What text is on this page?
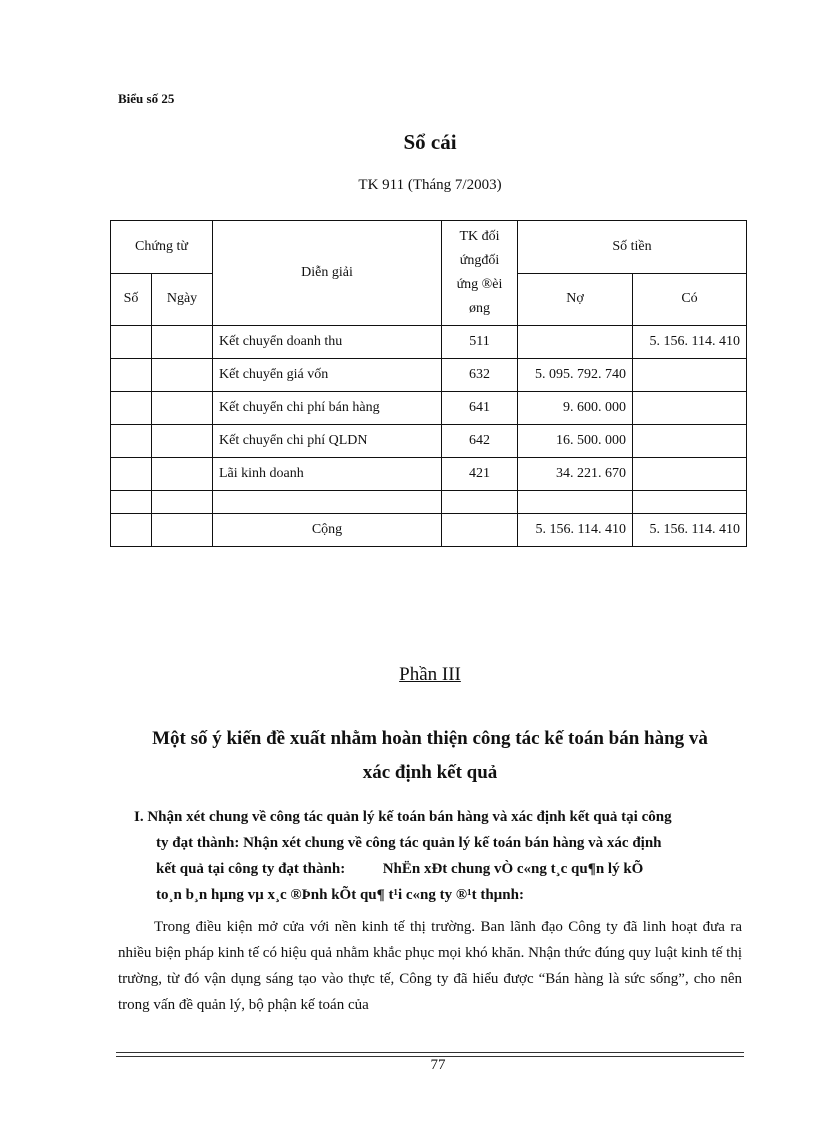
Biểu số 25
Sổ cái
TK 911 (Tháng 7/2003)
Chứng từ		Diễn giải	TK đối ứngđối ứng ®èi øng	Số tiền	
Số	Ngày			Nợ	Có
		Kết chuyển doanh thu	511		5. 156. 114. 410
		Kết chuyển giá vốn	632	5. 095. 792. 740	
		Kết chuyển chi phí bán hàng	641	9. 600. 000	
		Kết chuyển chi phí QLDN	642	16. 500. 000	
		Lãi kinh doanh	421	34. 221. 670	

		Cộng		5. 156. 114. 410	5. 156. 114. 410
Phần III
Một số ý kiến đề xuất nhằm hoàn thiện công tác kế toán bán hàng và
xác định kết quả

I. Nhận xét chung về công tác quản lý kế toán bán hàng và xác định kết quả tại công

ty đạt thành: Nhận xét chung về công tác quản lý kế toán bán hàng và xác định

kết quả tại công ty đạt thành:          NhËn xÐt chung vÒ c«ng t¸c qu¶n lý kÕ

to¸n b¸n hµng vµ x¸c ®Þnh kÕt qu¶ t¹i c«ng ty ®¹t thµnh:

Trong điều kiện mở cửa với nền kinh tế thị trường. Ban lãnh đạo Công ty đã linh hoạt đưa ra nhiều biện pháp kinh tế có hiệu quả nhằm khắc phục mọi khó khăn. Nhận thức đúng quy luật kinh tế thị trường, từ đó vận dụng sáng tạo vào thực tế, Công ty đã hiểu được “Bán hàng là sức sống”, cho nên trong vấn đề quản lý, bộ phận kế toán của

77
